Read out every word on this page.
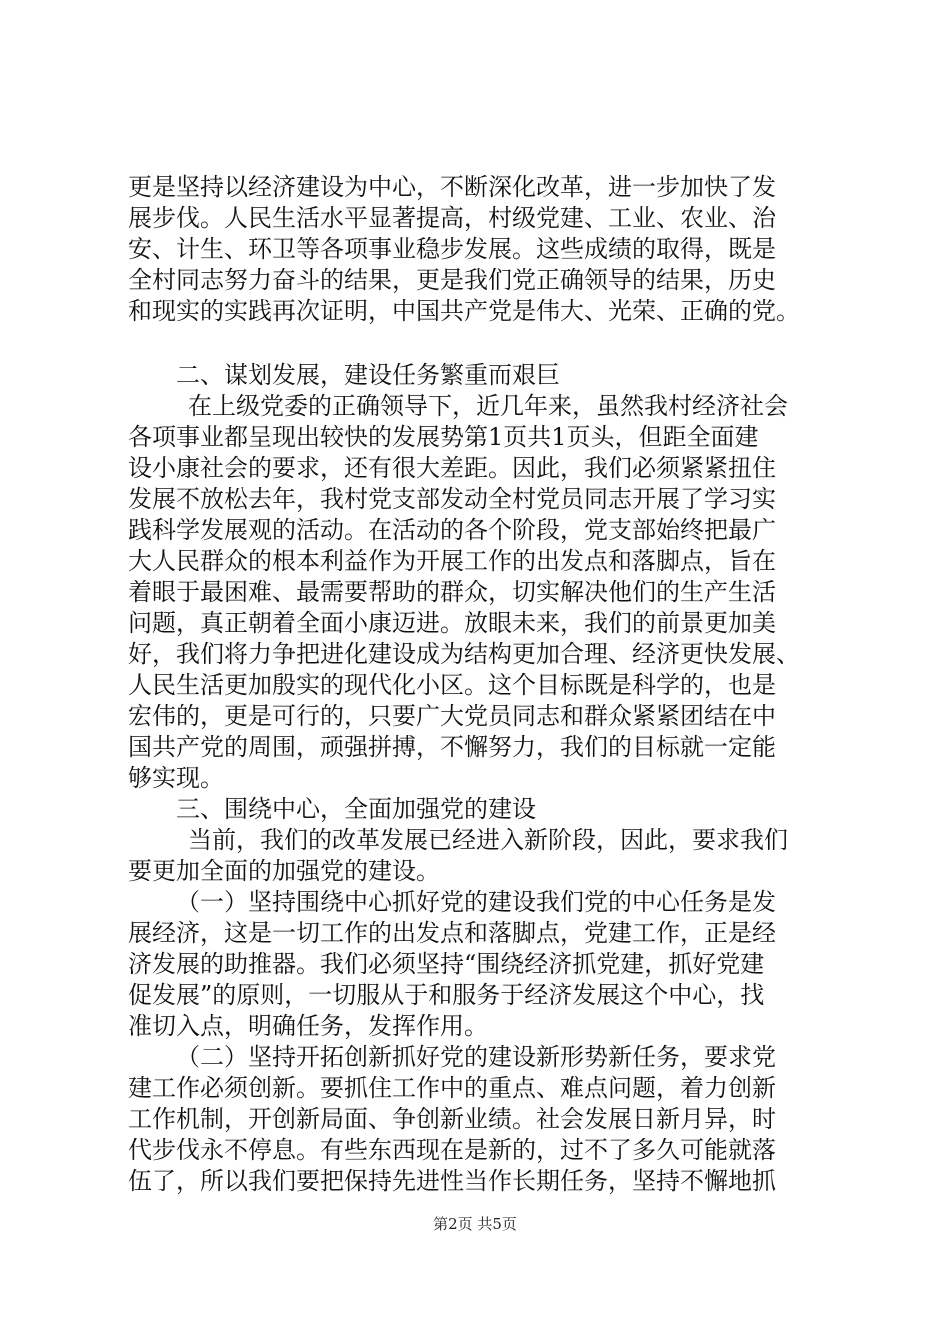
更是坚持以经济建设为中心，不断深化改革，进一步加快了发
展步伐。人民生活水平显著提高，村级党建、工业、农业、治
安、计生、环卫等各项事业稳步发展。这些成绩的取得，既是
全村同志努力奋斗的结果，更是我们党正确领导的结果，历史
和现实的实践再次证明，中国共产党是伟大、光荣、正确的党。
二、谋划发展，建设任务繁重而艰巨
在上级党委的正确领导下，近几年来，虽然我村经济社会
各项事业都呈现出较快的发展势第1页共1页头，但距全面建
设小康社会的要求，还有很大差距。因此，我们必须紧紧扭住
发展不放松去年，我村党支部发动全村党员同志开展了学习实
践科学发展观的活动。在活动的各个阶段，党支部始终把最广
大人民群众的根本利益作为开展工作的出发点和落脚点，旨在
着眼于最困难、最需要帮助的群众，切实解决他们的生产生活
问题，真正朝着全面小康迈进。放眼未来，我们的前景更加美
好，我们将力争把进化建设成为结构更加合理、经济更快发展、
人民生活更加殷实的现代化小区。这个目标既是科学的，也是
宏伟的，更是可行的，只要广大党员同志和群众紧紧团结在中
国共产党的周围，顽强拼搏，不懈努力，我们的目标就一定能
够实现。
三、围绕中心，全面加强党的建设
当前，我们的改革发展已经进入新阶段，因此，要求我们
要更加全面的加强党的建设。
（一）坚持围绕中心抓好党的建设我们党的中心任务是发
展经济，这是一切工作的出发点和落脚点，党建工作，正是经
济发展的助推器。我们必须坚持“围绕经济抓党建，抓好党建
促发展”的原则，一切服从于和服务于经济发展这个中心，找
准切入点，明确任务，发挥作用。
（二）坚持开拓创新抓好党的建设新形势新任务，要求党
建工作必须创新。要抓住工作中的重点、难点问题，着力创新
工作机制，开创新局面、争创新业绩。社会发展日新月异，时
代步伐永不停息。有些东西现在是新的，过不了多久可能就落
伍了，所以我们要把保持先进性当作长期任务，坚持不懈地抓
第2页 共5页
